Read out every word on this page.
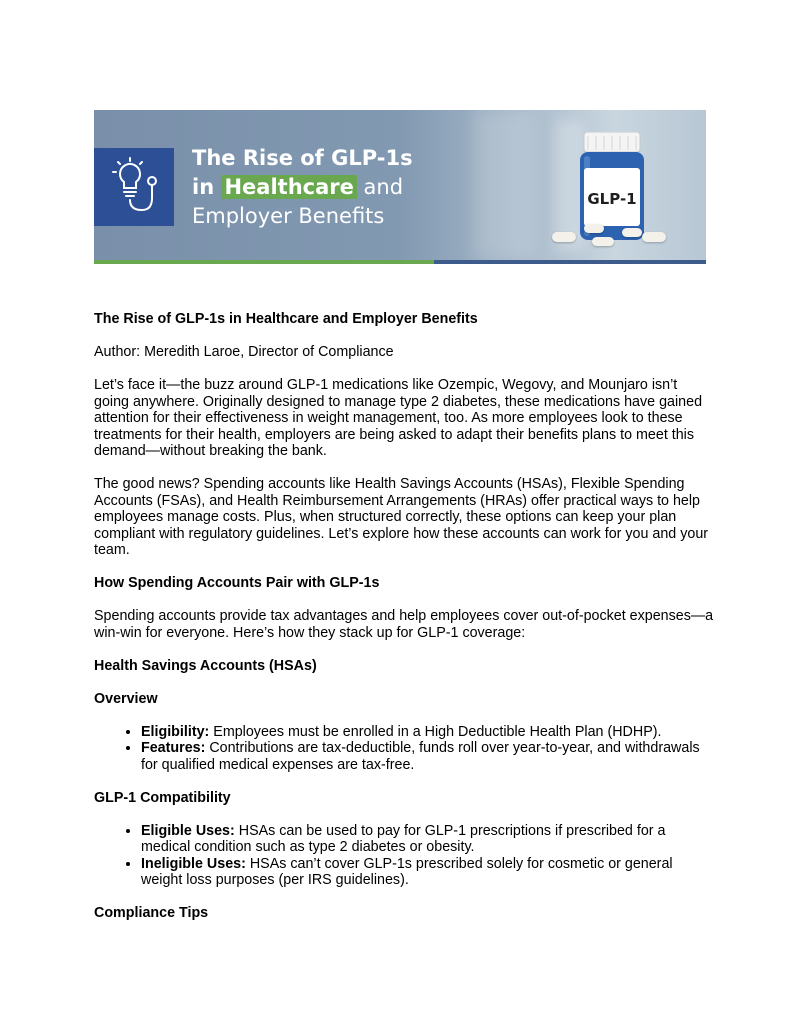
The Rise of GLP-1s
in Healthcare and
Employer Benefits
GLP-1
The Rise of GLP-1s in Healthcare and Employer Benefits

Author: Meredith Laroe, Director of Compliance

Let’s face it—the buzz around GLP-1 medications like Ozempic, Wegovy, and Mounjaro isn’t going anywhere. Originally designed to manage type 2 diabetes, these medications have gained attention for their effectiveness in weight management, too. As more employees look to these treatments for their health, employers are being asked to adapt their benefits plans to meet this demand—without breaking the bank.

The good news? Spending accounts like Health Savings Accounts (HSAs), Flexible Spending Accounts (FSAs), and Health Reimbursement Arrangements (HRAs) offer practical ways to help employees manage costs. Plus, when structured correctly, these options can keep your plan compliant with regulatory guidelines. Let’s explore how these accounts can work for you and your team.

How Spending Accounts Pair with GLP-1s

Spending accounts provide tax advantages and help employees cover out-of-pocket expenses—a win-win for everyone. Here’s how they stack up for GLP-1 coverage:

Health Savings Accounts (HSAs)
Overview
• Eligibility: Employees must be enrolled in a High Deductible Health Plan (HDHP).
• Features: Contributions are tax-deductible, funds roll over year-to-year, and withdrawals for qualified medical expenses are tax-free.
GLP-1 Compatibility
• Eligible Uses: HSAs can be used to pay for GLP-1 prescriptions if prescribed for a medical condition such as type 2 diabetes or obesity.
• Ineligible Uses: HSAs can’t cover GLP-1s prescribed solely for cosmetic or general weight loss purposes (per IRS guidelines).
Compliance Tips
